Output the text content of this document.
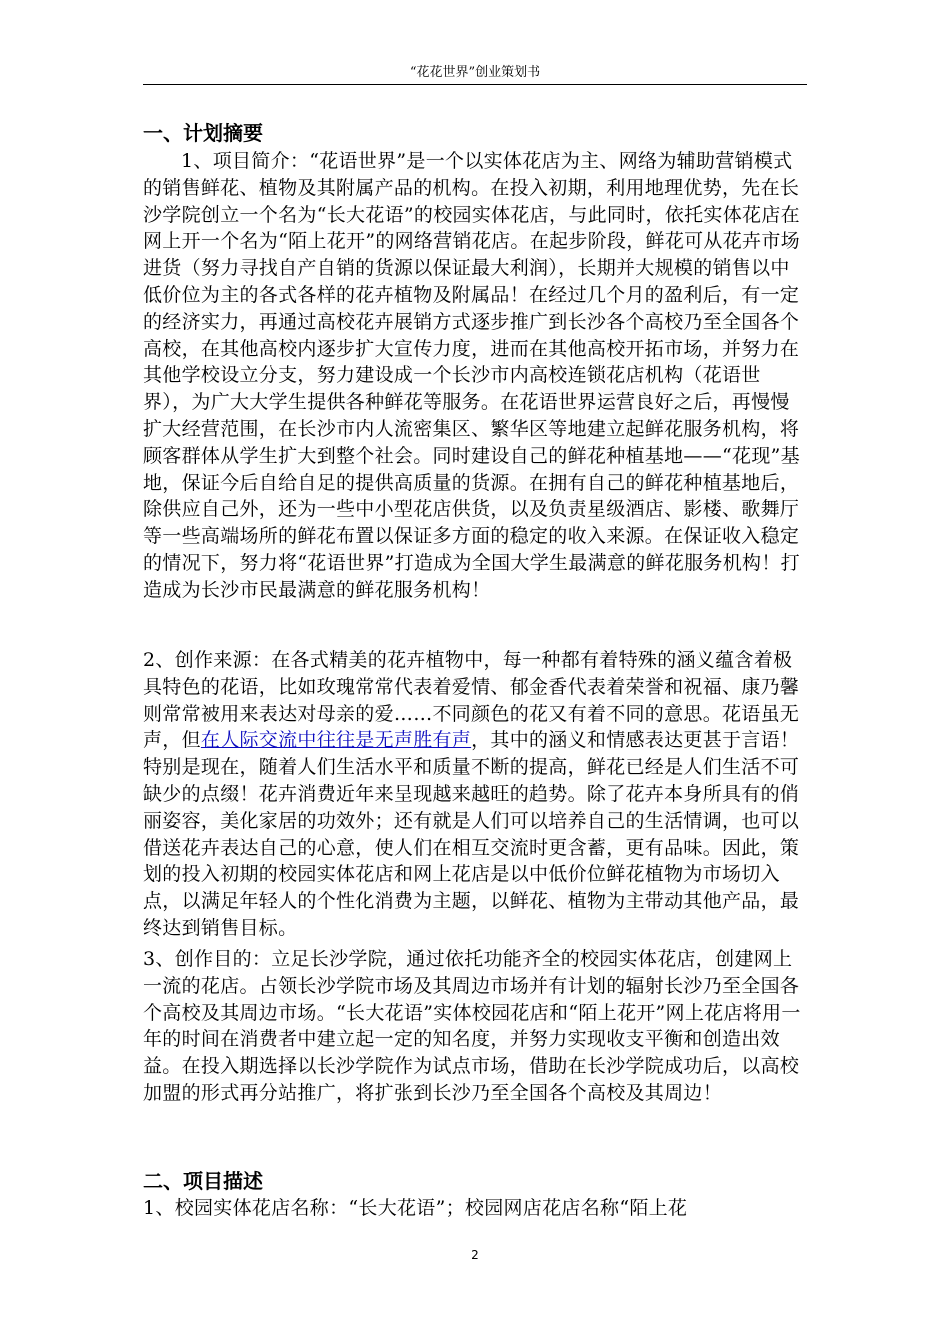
“花花世界”创业策划书
一、计划摘要

1、项目简介：“花语世界”是一个以实体花店为主、网络为辅助营销模式的销售鲜花、植物及其附属产品的机构。在投入初期，利用地理优势，先在长沙学院创立一个名为“长大花语”的校园实体花店，与此同时，依托实体花店在网上开一个名为“陌上花开”的网络营销花店。在起步阶段，鲜花可从花卉市场进货（努力寻找自产自销的货源以保证最大利润），长期并大规模的销售以中低价位为主的各式各样的花卉植物及附属品！在经过几个月的盈利后，有一定的经济实力，再通过高校花卉展销方式逐步推广到长沙各个高校乃至全国各个高校，在其他高校内逐步扩大宣传力度，进而在其他高校开拓市场，并努力在其他学校设立分支，努力建设成一个长沙市内高校连锁花店机构（花语世界），为广大大学生提供各种鲜花等服务。在花语世界运营良好之后，再慢慢扩大经营范围，在长沙市内人流密集区、繁华区等地建立起鲜花服务机构，将顾客群体从学生扩大到整个社会。同时建设自己的鲜花种植基地——“花现”基地，保证今后自给自足的提供高质量的货源。在拥有自己的鲜花种植基地后，除供应自己外，还为一些中小型花店供货，以及负责星级酒店、影楼、歌舞厅等一些高端场所的鲜花布置以保证多方面的稳定的收入来源。在保证收入稳定的情况下，努力将“花语世界”打造成为全国大学生最满意的鲜花服务机构！打造成为长沙市民最满意的鲜花服务机构！

2、创作来源：在各式精美的花卉植物中，每一种都有着特殊的涵义蕴含着极具特色的花语，比如玫瑰常常代表着爱情、郁金香代表着荣誉和祝福、康乃馨则常常被用来表达对母亲的爱……不同颜色的花又有着不同的意思。花语虽无声，但在人际交流中往往是无声胜有声，其中的涵义和情感表达更甚于言语！特别是现在，随着人们生活水平和质量不断的提高，鲜花已经是人们生活不可缺少的点缀！花卉消费近年来呈现越来越旺的趋势。除了花卉本身所具有的俏丽姿容，美化家居的功效外；还有就是人们可以培养自己的生活情调，也可以借送花卉表达自己的心意，使人们在相互交流时更含蓄，更有品味。因此，策划的投入初期的校园实体花店和网上花店是以中低价位鲜花植物为市场切入点，以满足年轻人的个性化消费为主题，以鲜花、植物为主带动其他产品，最终达到销售目标。

3、创作目的：立足长沙学院，通过依托功能齐全的校园实体花店，创建网上一流的花店。占领长沙学院市场及其周边市场并有计划的辐射长沙乃至全国各个高校及其周边市场。“长大花语”实体校园花店和“陌上花开”网上花店将用一年的时间在消费者中建立起一定的知名度，并努力实现收支平衡和创造出效益。在投入期选择以长沙学院作为试点市场，借助在长沙学院成功后，以高校加盟的形式再分站推广，将扩张到长沙乃至全国各个高校及其周边！

二、项目描述

1、校园实体花店名称：“长大花语”；校园网店花店名称“陌上花

2
